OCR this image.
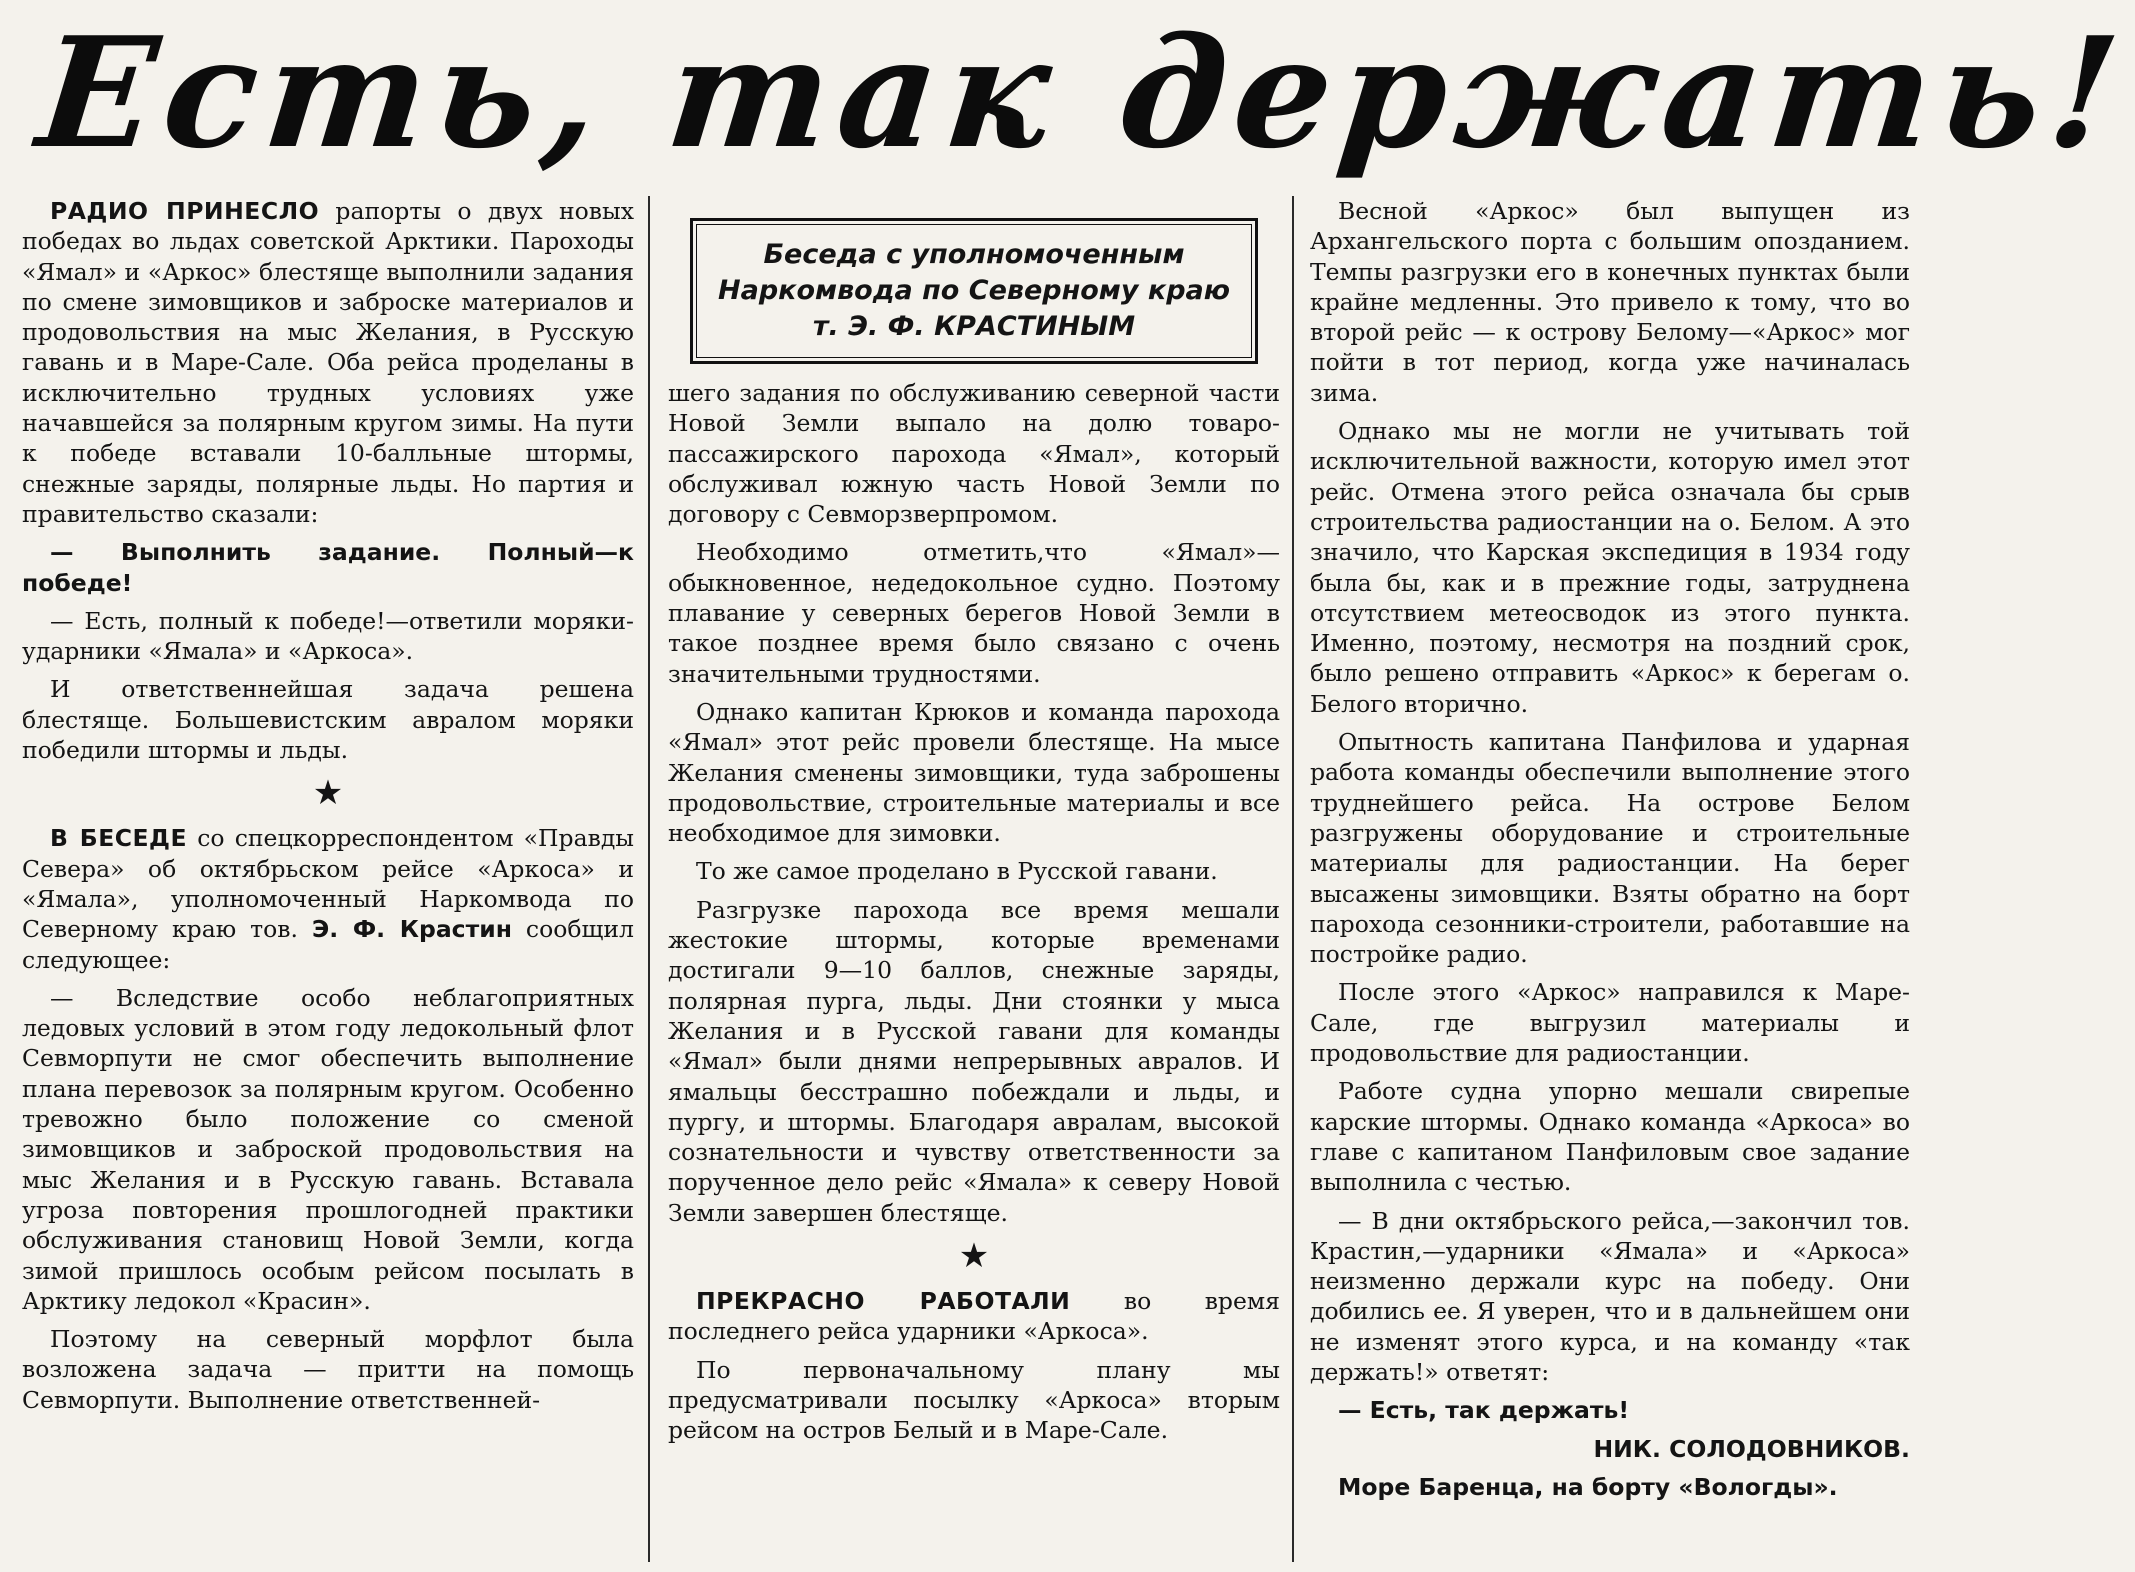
Есть, так держать!

РАДИО ПРИНЕСЛО рапорты о двух новых победах во льдах советской Арктики. Пароходы «Ямал» и «Аркос» блестяще выполнили задания по смене зимовщиков и заброске материалов и продовольствия на мыс Желания, в Русскую гавань и в Маре-Сале. Оба рейса проделаны в исключительно трудных условиях уже начавшейся за полярным кругом зимы. На пути к победе вставали 10-балльные штормы, снежные заряды, полярные льды. Но партия и правительство сказали:

— Выполнить задание. Полный—к победе!

— Есть, полный к победе!—ответили моряки-ударники «Ямала» и «Аркоса».

И ответственнейшая задача решена блестяще. Большевистским авралом моряки победили штормы и льды.

★

В БЕСЕДЕ со спецкорреспондентом «Правды Севера» об октябрьском рейсе «Аркоса» и «Ямала», уполномоченный Наркомвода по Северному краю тов. Э. Ф. Крастин сообщил следующее:

— Вследствие особо неблагоприятных ледовых условий в этом году ледокольный флот Севморпути не смог обеспечить выполнение плана перевозок за полярным кругом. Особенно тревожно было положение со сменой зимовщиков и заброской продовольствия на мыс Желания и в Русскую гавань. Вставала угроза повторения прошлогодней практики обслуживания становищ Новой Земли, когда зимой пришлось особым рейсом посылать в Арктику ледокол «Красин».

Поэтому на северный морфлот была возложена задача — притти на помощь Севморпути. Выполнение ответственней-

Беседа с уполномоченным Наркомвода по Северному краю т. Э. Ф. КРАСТИНЫМ

шего задания по обслуживанию северной части Новой Земли выпало на долю товаро-пассажирского парохода «Ямал», который обслуживал южную часть Новой Земли по договору с Севморзверпромом.

Необходимо отметить,что «Ямал»—обыкновенное, недедокольное судно. Поэтому плавание у северных берегов Новой Земли в такое позднее время было связано с очень значительными трудностями.

Однако капитан Крюков и команда парохода «Ямал» этот рейс провели блестяще. На мысе Желания сменены зимовщики, туда заброшены продовольствие, строительные материалы и все необходимое для зимовки.

То же самое проделано в Русской гавани.

Разгрузке парохода все время мешали жестокие штормы, которые временами достигали 9—10 баллов, снежные заряды, полярная пурга, льды. Дни стоянки у мыса Желания и в Русской гавани для команды «Ямал» были днями непрерывных авралов. И ямальцы бесстрашно побеждали и льды, и пургу, и штормы. Благодаря авралам, высокой сознательности и чувству ответственности за порученное дело рейс «Ямала» к северу Новой Земли завершен блестяще.

★

ПРЕКРАСНО РАБОТАЛИ во время последнего рейса ударники «Аркоса».

По первоначальному плану мы предусматривали посылку «Аркоса» вторым рейсом на остров Белый и в Маре-Сале.

Весной «Аркос» был выпущен из Архангельского порта с большим опозданием. Темпы разгрузки его в конечных пунктах были крайне медленны. Это привело к тому, что во второй рейс — к острову Белому—«Аркос» мог пойти в тот период, когда уже начиналась зима.

Однако мы не могли не учитывать той исключительной важности, которую имел этот рейс. Отмена этого рейса означала бы срыв строительства радиостанции на о. Белом. А это значило, что Карская экспедиция в 1934 году была бы, как и в прежние годы, затруднена отсутствием метеосводок из этого пункта. Именно, поэтому, несмотря на поздний срок, было решено отправить «Аркос» к берегам о. Белого вторично.

Опытность капитана Панфилова и ударная работа команды обеспечили выполнение этого труднейшего рейса. На острове Белом разгружены оборудование и строительные материалы для радиостанции. На берег высажены зимовщики. Взяты обратно на борт парохода сезонники-строители, работавшие на постройке радио.

После этого «Аркос» направился к Маре-Сале, где выгрузил материалы и продовольствие для радиостанции.

Работе судна упорно мешали свирепые карские штормы. Однако команда «Аркоса» во главе с капитаном Панфиловым свое задание выполнила с честью.

— В дни октябрьского рейса,—закончил тов. Крастин,—ударники «Ямала» и «Аркоса» неизменно держали курс на победу. Они добились ее. Я уверен, что и в дальнейшем они не изменят этого курса, и на команду «так держать!» ответят:

— Есть, так держать!

НИК. СОЛОДОВНИКОВ.

Море Баренца, на борту «Вологды».
